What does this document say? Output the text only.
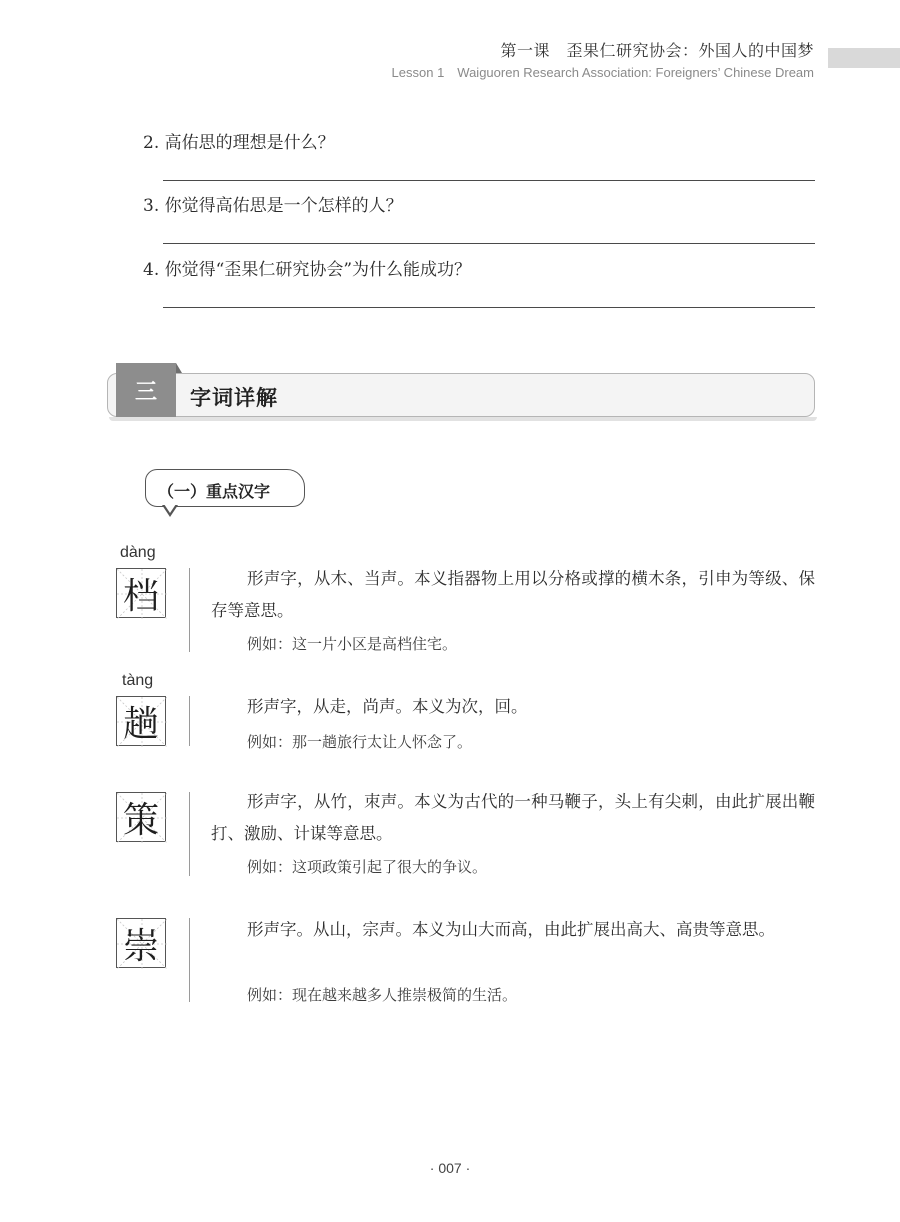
第一课　歪果仁研究协会：外国人的中国梦
Lesson 1　Waiguoren Research Association: Foreigners’ Chinese Dream
2. 高佑思的理想是什么？
3. 你觉得高佑思是一个怎样的人？
4. 你觉得“歪果仁研究协会”为什么能成功？
三	字词详解
（一）重点汉字
dàng
档	形声字，从木、当声。本义指器物上用以分格或撑的横木条，引申为等级、保存等意思。
例如：这一片小区是高档住宅。
tàng
趟	形声字，从走，尚声。本义为次，回。
例如：那一趟旅行太让人怀念了。
策	形声字，从竹，朿声。本义为古代的一种马鞭子，头上有尖刺，由此扩展出鞭打、激励、计谋等意思。
例如：这项政策引起了很大的争议。
崇	形声字。从山，宗声。本义为山大而高，由此扩展出高大、高贵等意思。
例如：现在越来越多人推崇极简的生活。
· 007 ·
